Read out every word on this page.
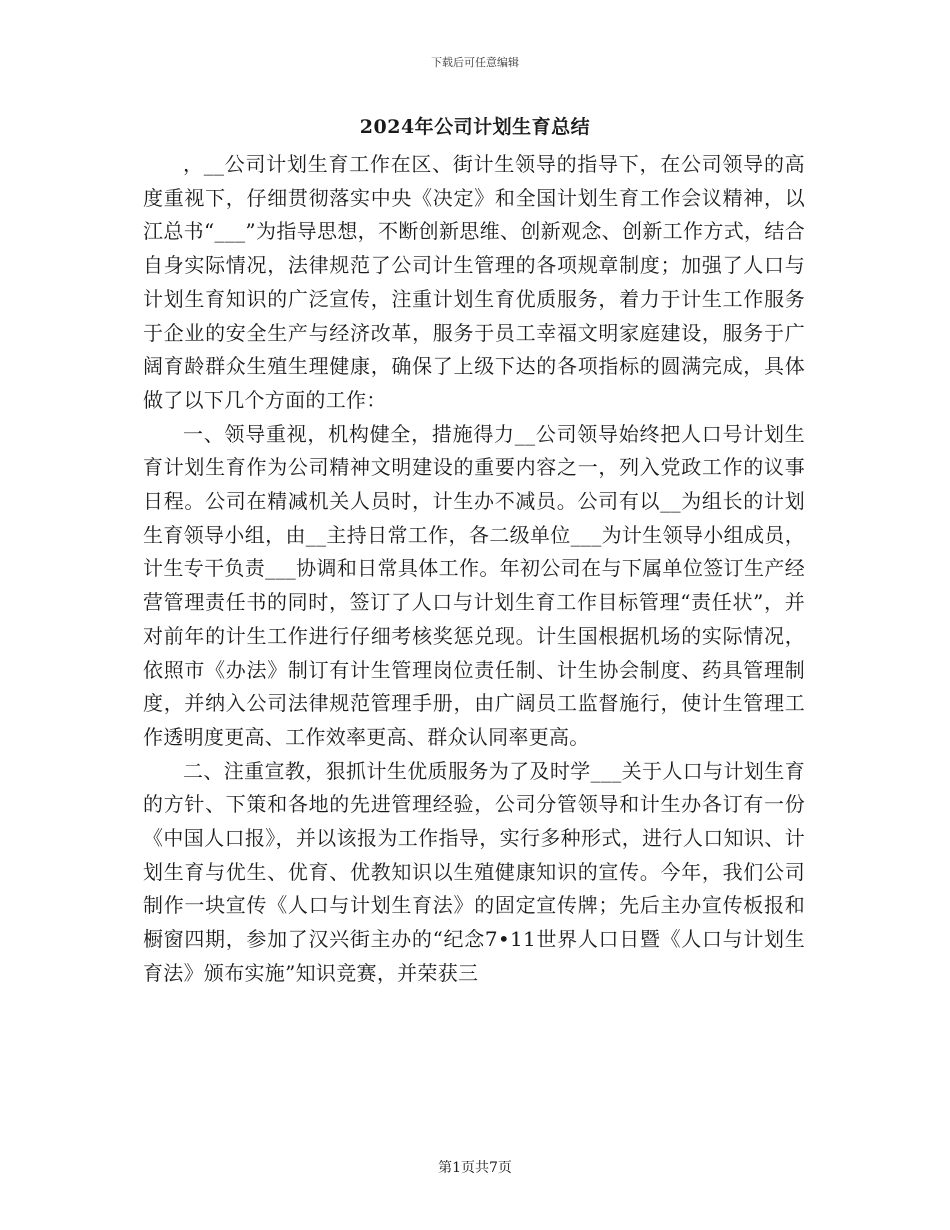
下载后可任意编辑
2024年公司计划生育总结

，__公司计划生育工作在区、街计生领导的指导下，在公司领导的高度重视下，仔细贯彻落实中央《决定》和全国计划生育工作会议精神，以江总书“___”为指导思想，不断创新思维、创新观念、创新工作方式，结合自身实际情况，法律规范了公司计生管理的各项规章制度；加强了人口与计划生育知识的广泛宣传，注重计划生育优质服务，着力于计生工作服务于企业的安全生产与经济改革，服务于员工幸福文明家庭建设，服务于广阔育龄群众生殖生理健康，确保了上级下达的各项指标的圆满完成，具体做了以下几个方面的工作：

一、领导重视，机构健全，措施得力__公司领导始终把人口号计划生育计划生育作为公司精神文明建设的重要内容之一，列入党政工作的议事日程。公司在精减机关人员时，计生办不减员。公司有以__为组长的计划生育领导小组，由__主持日常工作，各二级单位___为计生领导小组成员，计生专干负责___协调和日常具体工作。年初公司在与下属单位签订生产经营管理责任书的同时，签订了人口与计划生育工作目标管理“责任状”，并对前年的计生工作进行仔细考核奖惩兑现。计生国根据机场的实际情况，依照市《办法》制订有计生管理岗位责任制、计生协会制度、药具管理制度，并纳入公司法律规范管理手册，由广阔员工监督施行，使计生管理工作透明度更高、工作效率更高、群众认同率更高。

二、注重宣教，狠抓计生优质服务为了及时学___关于人口与计划生育的方针、下策和各地的先进管理经验，公司分管领导和计生办各订有一份《中国人口报》，并以该报为工作指导，实行多种形式，进行人口知识、计划生育与优生、优育、优教知识以生殖健康知识的宣传。今年，我们公司制作一块宣传《人口与计划生育法》的固定宣传牌；先后主办宣传板报和橱窗四期，参加了汉兴街主办的“纪念7•11世界人口日暨《人口与计划生育法》颁布实施”知识竞赛，并荣获三

第1页共7页
